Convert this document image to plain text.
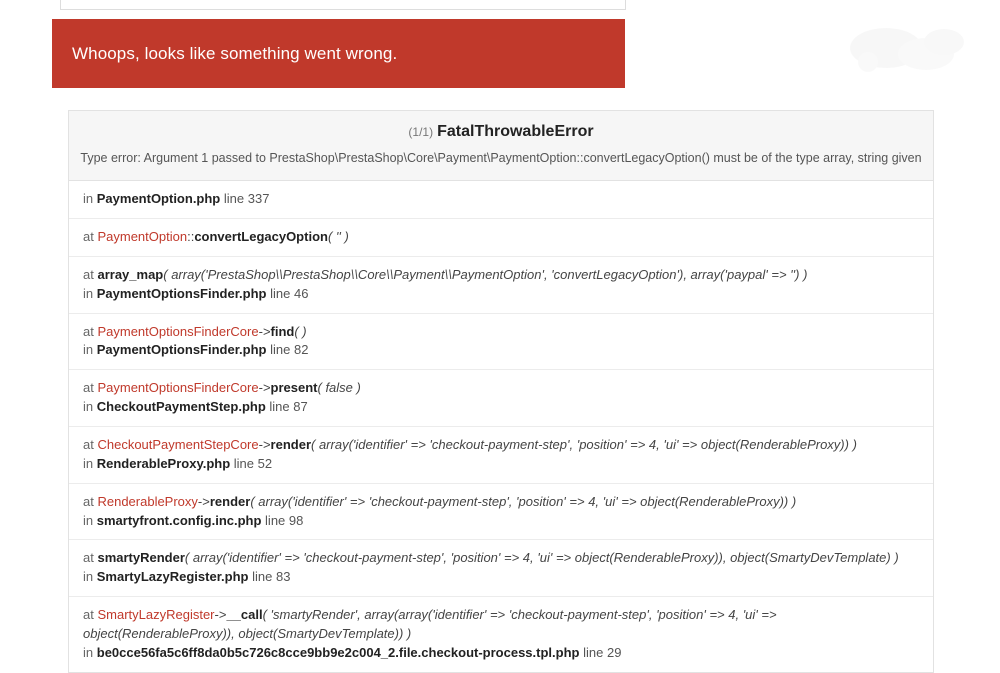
Whoops, looks like something went wrong.
(1/1) FatalThrowableError
Type error: Argument 1 passed to PrestaShop\PrestaShop\Core\Payment\PaymentOption::convertLegacyOption() must be of the type array, string given
in PaymentOption.php line 337
at PaymentOption::convertLegacyOption( '' )
at array_map( array('PrestaShop\\PrestaShop\\Core\\Payment\\PaymentOption', 'convertLegacyOption'), array('paypal' => '') )
in PaymentOptionsFinder.php line 46
at PaymentOptionsFinderCore->find( )
in PaymentOptionsFinder.php line 82
at PaymentOptionsFinderCore->present( false )
in CheckoutPaymentStep.php line 87
at CheckoutPaymentStepCore->render( array('identifier' => 'checkout-payment-step', 'position' => 4, 'ui' => object(RenderableProxy)) )
in RenderableProxy.php line 52
at RenderableProxy->render( array('identifier' => 'checkout-payment-step', 'position' => 4, 'ui' => object(RenderableProxy)) )
in smartyfront.config.inc.php line 98
at smartyRender( array('identifier' => 'checkout-payment-step', 'position' => 4, 'ui' => object(RenderableProxy)), object(SmartyDevTemplate) )
in SmartyLazyRegister.php line 83
at SmartyLazyRegister->__call( 'smartyRender', array(array('identifier' => 'checkout-payment-step', 'position' => 4, 'ui' => object(RenderableProxy)), object(SmartyDevTemplate)) )
in be0cce56fa5c6ff8da0b5c726c8cce9bb9e2c004_2.file.checkout-process.tpl.php line 29
